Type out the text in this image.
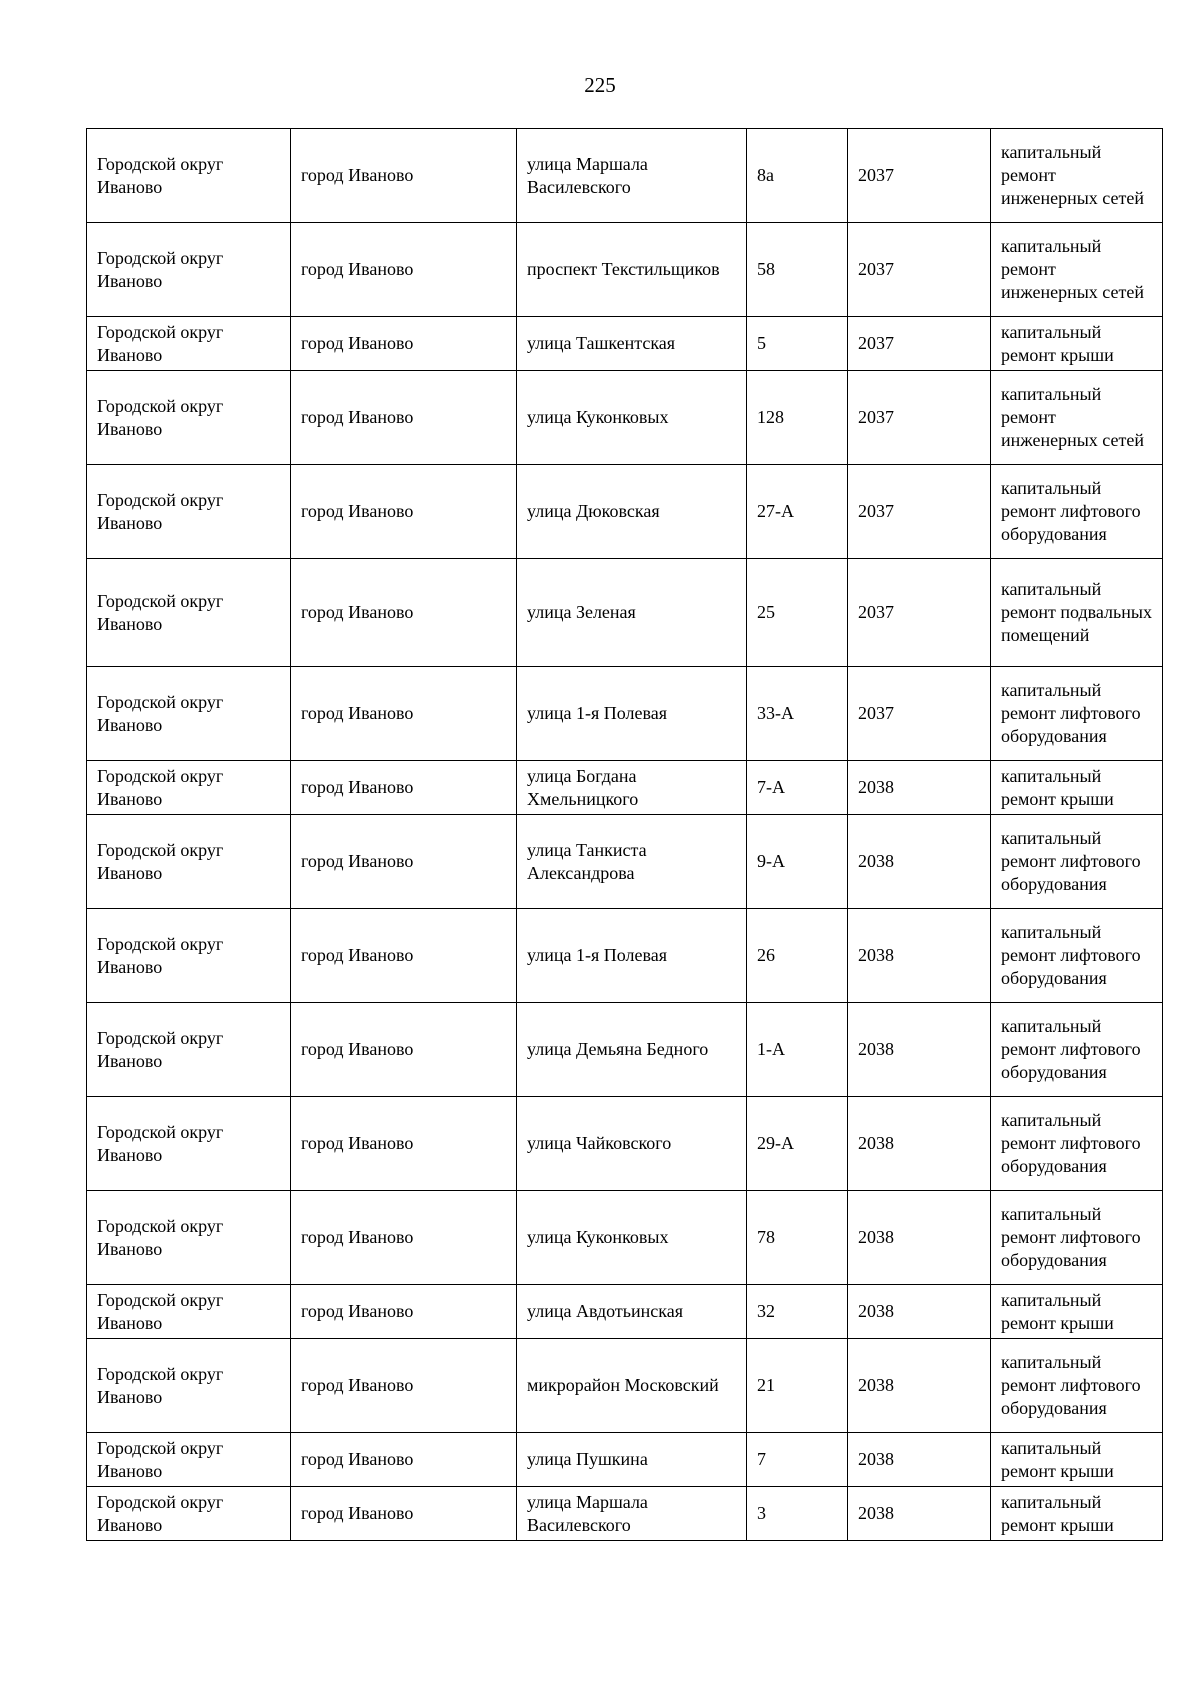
225
Городской округ Иваново	город Иваново	улица Маршала Василевского	8а	2037	капитальный ремонт инженерных сетей
Городской округ Иваново	город Иваново	проспект Текстильщиков	58	2037	капитальный ремонт инженерных сетей
Городской округ Иваново	город Иваново	улица Ташкентская	5	2037	капитальный ремонт крыши
Городской округ Иваново	город Иваново	улица Куконковых	128	2037	капитальный ремонт инженерных сетей
Городской округ Иваново	город Иваново	улица Дюковская	27-А	2037	капитальный ремонт лифтового оборудования
Городской округ Иваново	город Иваново	улица Зеленая	25	2037	капитальный ремонт подвальных помещений
Городской округ Иваново	город Иваново	улица 1-я Полевая	33-А	2037	капитальный ремонт лифтового оборудования
Городской округ Иваново	город Иваново	улица Богдана Хмельницкого	7-А	2038	капитальный ремонт крыши
Городской округ Иваново	город Иваново	улица Танкиста Александрова	9-А	2038	капитальный ремонт лифтового оборудования
Городской округ Иваново	город Иваново	улица 1-я Полевая	26	2038	капитальный ремонт лифтового оборудования
Городской округ Иваново	город Иваново	улица Демьяна Бедного	1-А	2038	капитальный ремонт лифтового оборудования
Городской округ Иваново	город Иваново	улица Чайковского	29-А	2038	капитальный ремонт лифтового оборудования
Городской округ Иваново	город Иваново	улица Куконковых	78	2038	капитальный ремонт лифтового оборудования
Городской округ Иваново	город Иваново	улица Авдотьинская	32	2038	капитальный ремонт крыши
Городской округ Иваново	город Иваново	микрорайон Московский	21	2038	капитальный ремонт лифтового оборудования
Городской округ Иваново	город Иваново	улица Пушкина	7	2038	капитальный ремонт крыши
Городской округ Иваново	город Иваново	улица Маршала Василевского	3	2038	капитальный ремонт крыши
